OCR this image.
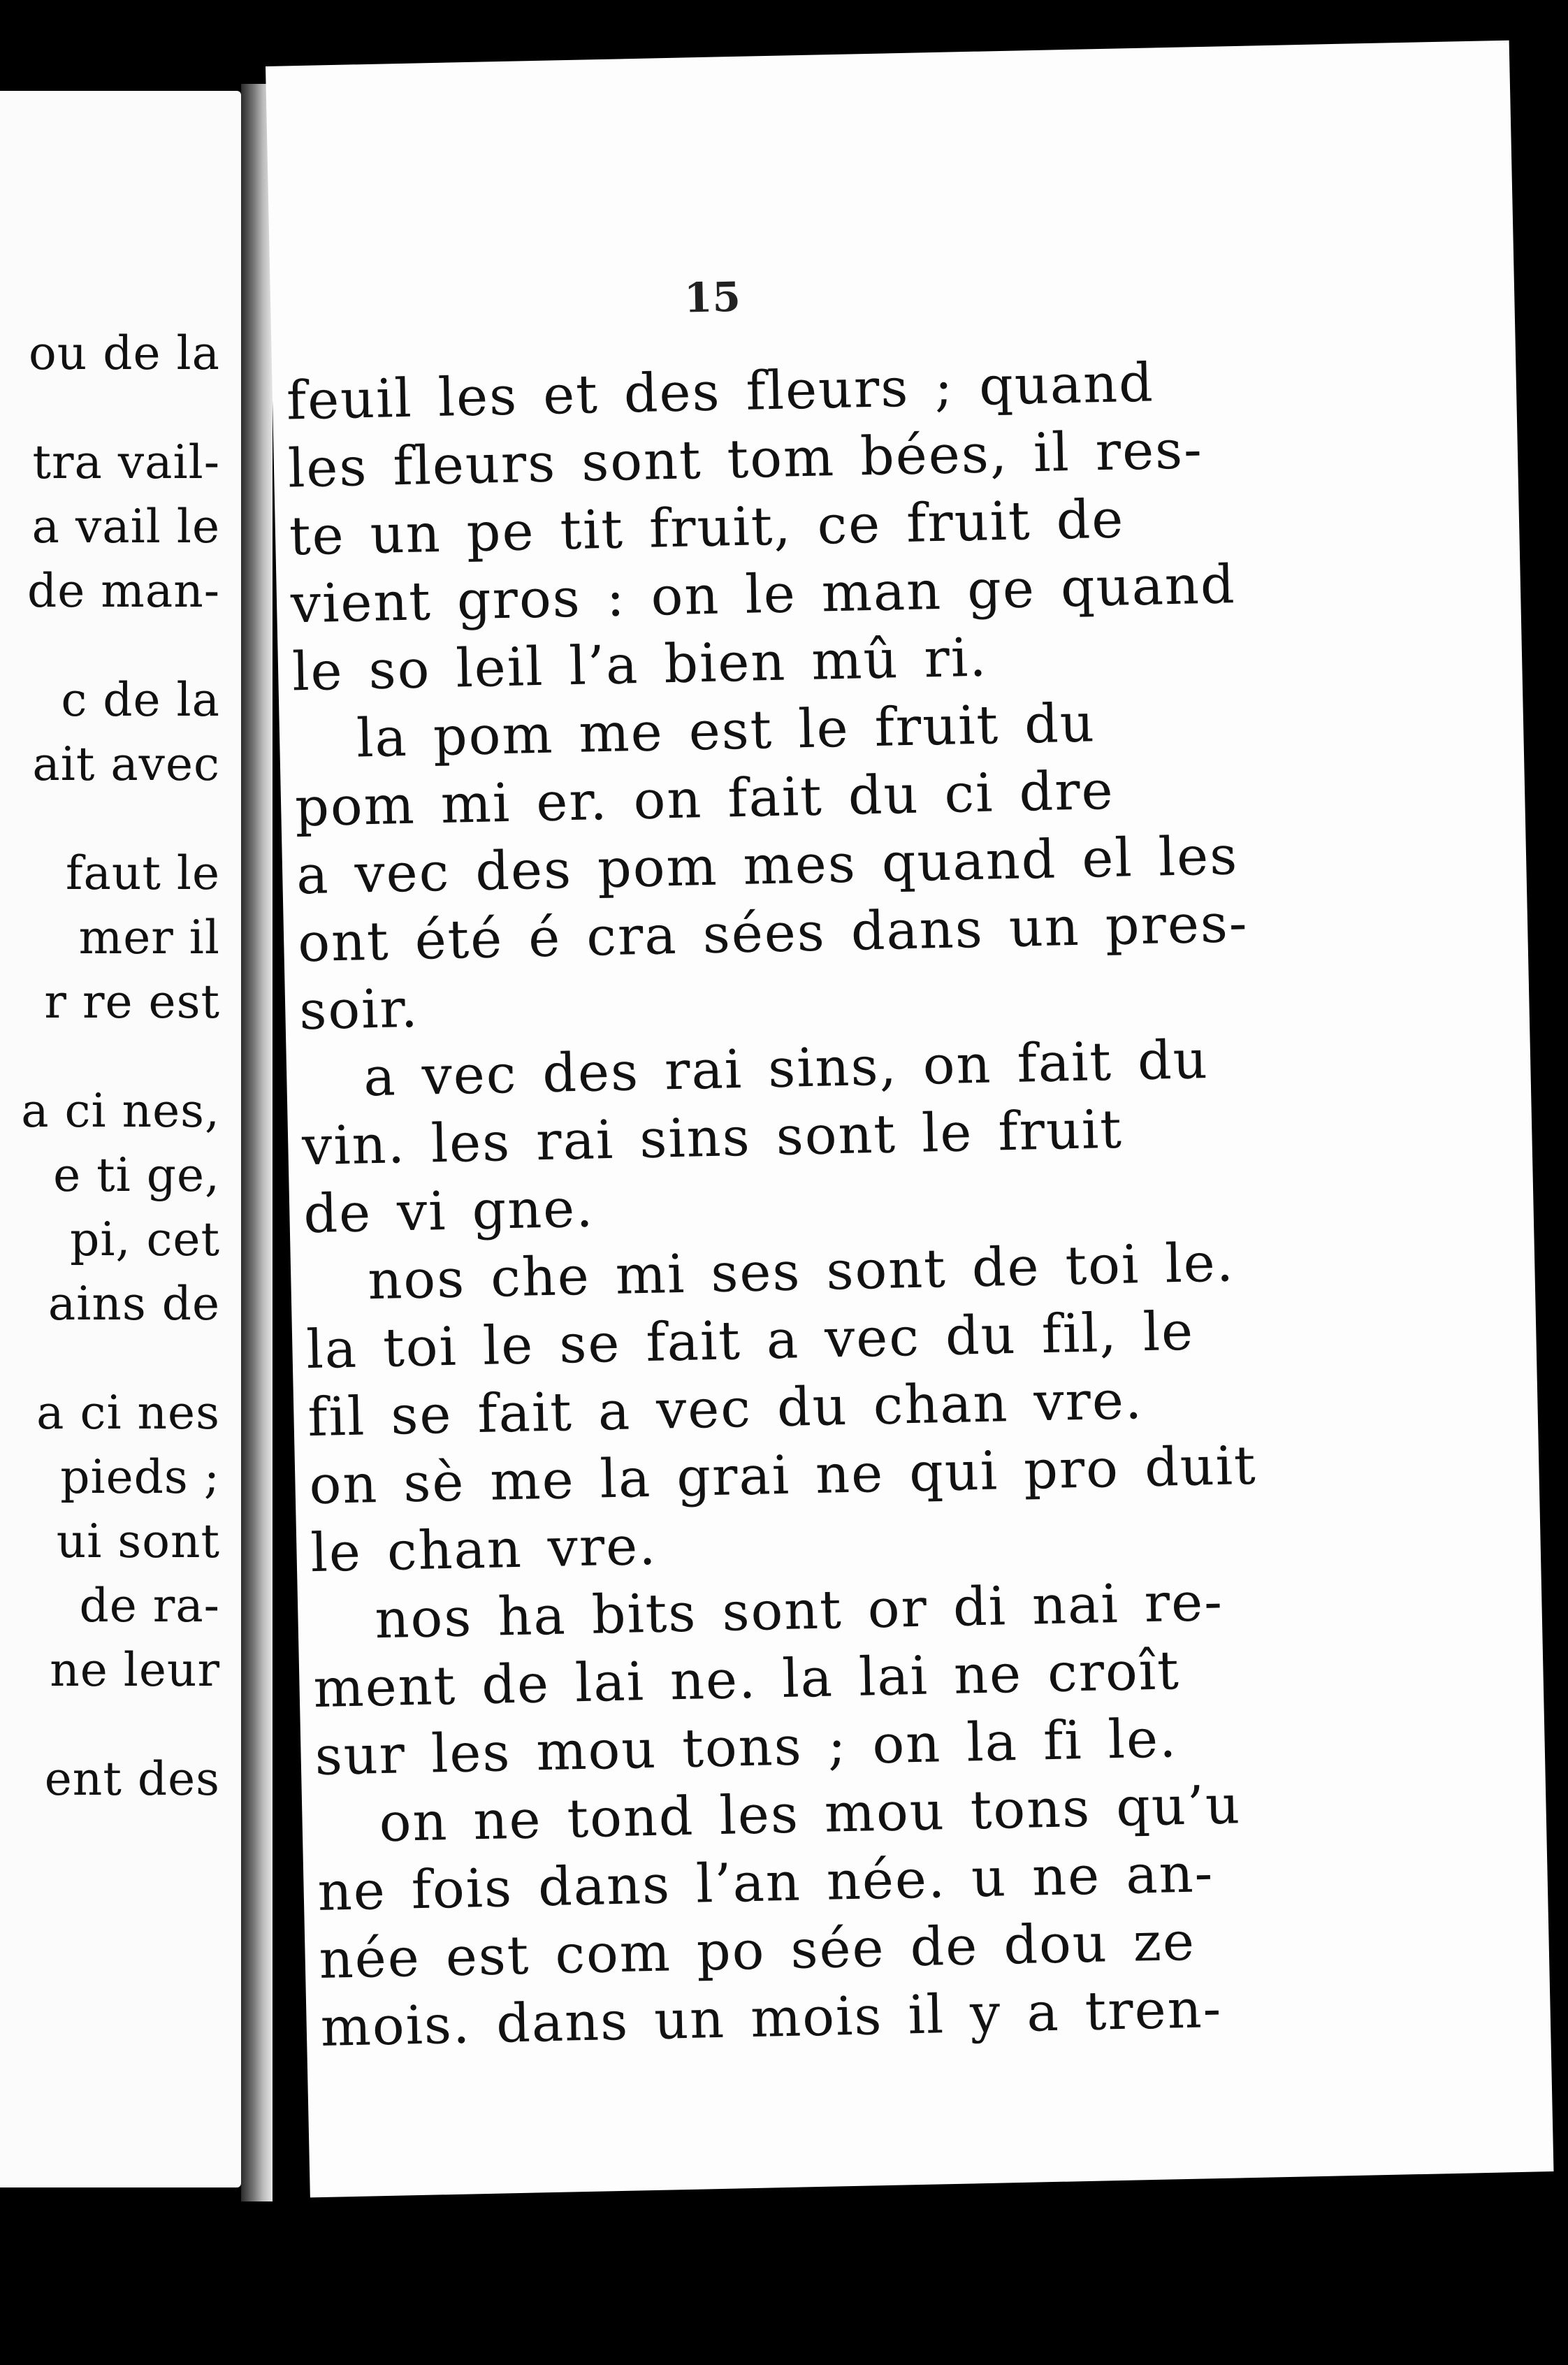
ou de la
tra vail-
a vail le
de man-
c de la
ait avec
faut le
mer il
r re est
a ci nes,
e ti ge,
pi, cet
ains de
a ci nes
pieds ;
ui sont
de ra-
ne leur
ent des
15
feuil les et des fleurs ; quand
les fleurs sont tom bées, il res-
te un pe tit fruit, ce fruit de
vient gros : on le man ge quand
le so leil l’a bien mû ri.
la pom me est le fruit du
pom mi er. on fait du ci dre
a vec des pom mes quand el les
ont été é cra sées dans un pres-
soir.
a vec des rai sins, on fait du
vin. les rai sins sont le fruit
de vi gne.
nos che mi ses sont de toi le.
la toi le se fait a vec du fil, le
fil se fait a vec du chan vre.
on sè me la grai ne qui pro duit
le chan vre.
nos ha bits sont or di nai re-
ment de lai ne. la lai ne croît
sur les mou tons ; on la fi le.
on ne tond les mou tons qu’u
ne fois dans l’an née. u ne an-
née est com po sée de dou ze
mois. dans un mois il y a tren-
